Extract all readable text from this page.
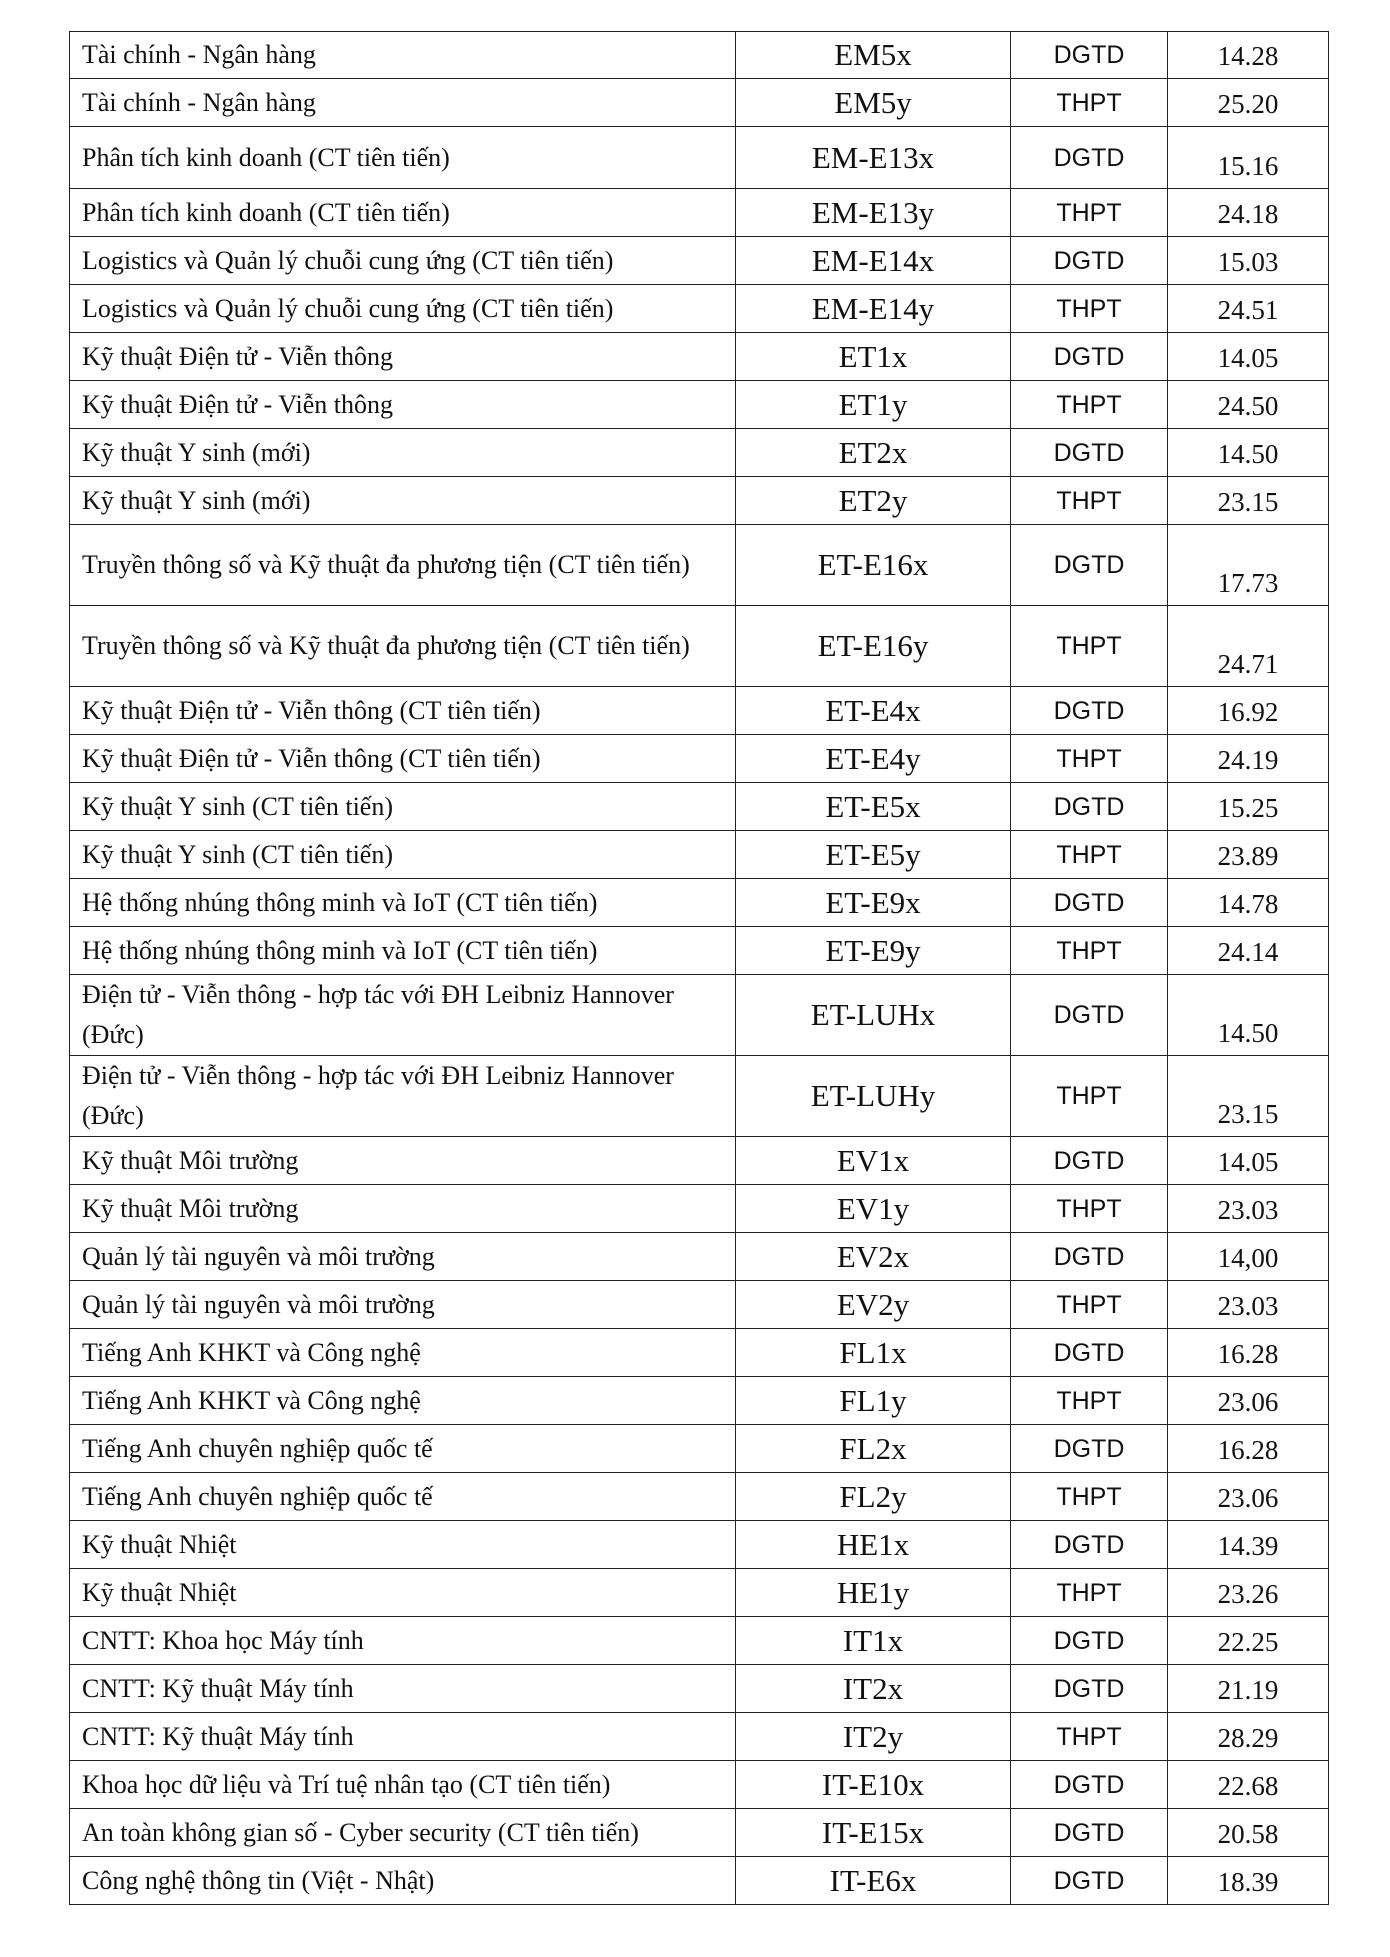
Tài chính - Ngân hàng	EM5x	DGTD	14.28
Tài chính - Ngân hàng	EM5y	THPT	25.20
Phân tích kinh doanh (CT tiên tiến)	EM-E13x	DGTD	15.16
Phân tích kinh doanh (CT tiên tiến)	EM-E13y	THPT	24.18
Logistics và Quản lý chuỗi cung ứng (CT tiên tiến)	EM-E14x	DGTD	15.03
Logistics và Quản lý chuỗi cung ứng (CT tiên tiến)	EM-E14y	THPT	24.51
Kỹ thuật Điện tử - Viễn thông	ET1x	DGTD	14.05
Kỹ thuật Điện tử - Viễn thông	ET1y	THPT	24.50
Kỹ thuật Y sinh (mới)	ET2x	DGTD	14.50
Kỹ thuật Y sinh (mới)	ET2y	THPT	23.15
Truyền thông số và Kỹ thuật đa phương tiện (CT tiên tiến)	ET-E16x	DGTD	17.73
Truyền thông số và Kỹ thuật đa phương tiện (CT tiên tiến)	ET-E16y	THPT	24.71
Kỹ thuật Điện tử - Viễn thông (CT tiên tiến)	ET-E4x	DGTD	16.92
Kỹ thuật Điện tử - Viễn thông (CT tiên tiến)	ET-E4y	THPT	24.19
Kỹ thuật Y sinh (CT tiên tiến)	ET-E5x	DGTD	15.25
Kỹ thuật Y sinh (CT tiên tiến)	ET-E5y	THPT	23.89
Hệ thống nhúng thông minh và IoT (CT tiên tiến)	ET-E9x	DGTD	14.78
Hệ thống nhúng thông minh và IoT (CT tiên tiến)	ET-E9y	THPT	24.14
Điện tử - Viễn thông - hợp tác với ĐH Leibniz Hannover (Đức)	ET-LUHx	DGTD	14.50
Điện tử - Viễn thông - hợp tác với ĐH Leibniz Hannover (Đức)	ET-LUHy	THPT	23.15
Kỹ thuật Môi trường	EV1x	DGTD	14.05
Kỹ thuật Môi trường	EV1y	THPT	23.03
Quản lý tài nguyên và môi trường	EV2x	DGTD	14,00
Quản lý tài nguyên và môi trường	EV2y	THPT	23.03
Tiếng Anh KHKT và Công nghệ	FL1x	DGTD	16.28
Tiếng Anh KHKT và Công nghệ	FL1y	THPT	23.06
Tiếng Anh chuyên nghiệp quốc tế	FL2x	DGTD	16.28
Tiếng Anh chuyên nghiệp quốc tế	FL2y	THPT	23.06
Kỹ thuật Nhiệt	HE1x	DGTD	14.39
Kỹ thuật Nhiệt	HE1y	THPT	23.26
CNTT: Khoa học Máy tính	IT1x	DGTD	22.25
CNTT: Kỹ thuật Máy tính	IT2x	DGTD	21.19
CNTT: Kỹ thuật Máy tính	IT2y	THPT	28.29
Khoa học dữ liệu và Trí tuệ nhân tạo (CT tiên tiến)	IT-E10x	DGTD	22.68
An toàn không gian số - Cyber security (CT tiên tiến)	IT-E15x	DGTD	20.58
Công nghệ thông tin (Việt - Nhật)	IT-E6x	DGTD	18.39
